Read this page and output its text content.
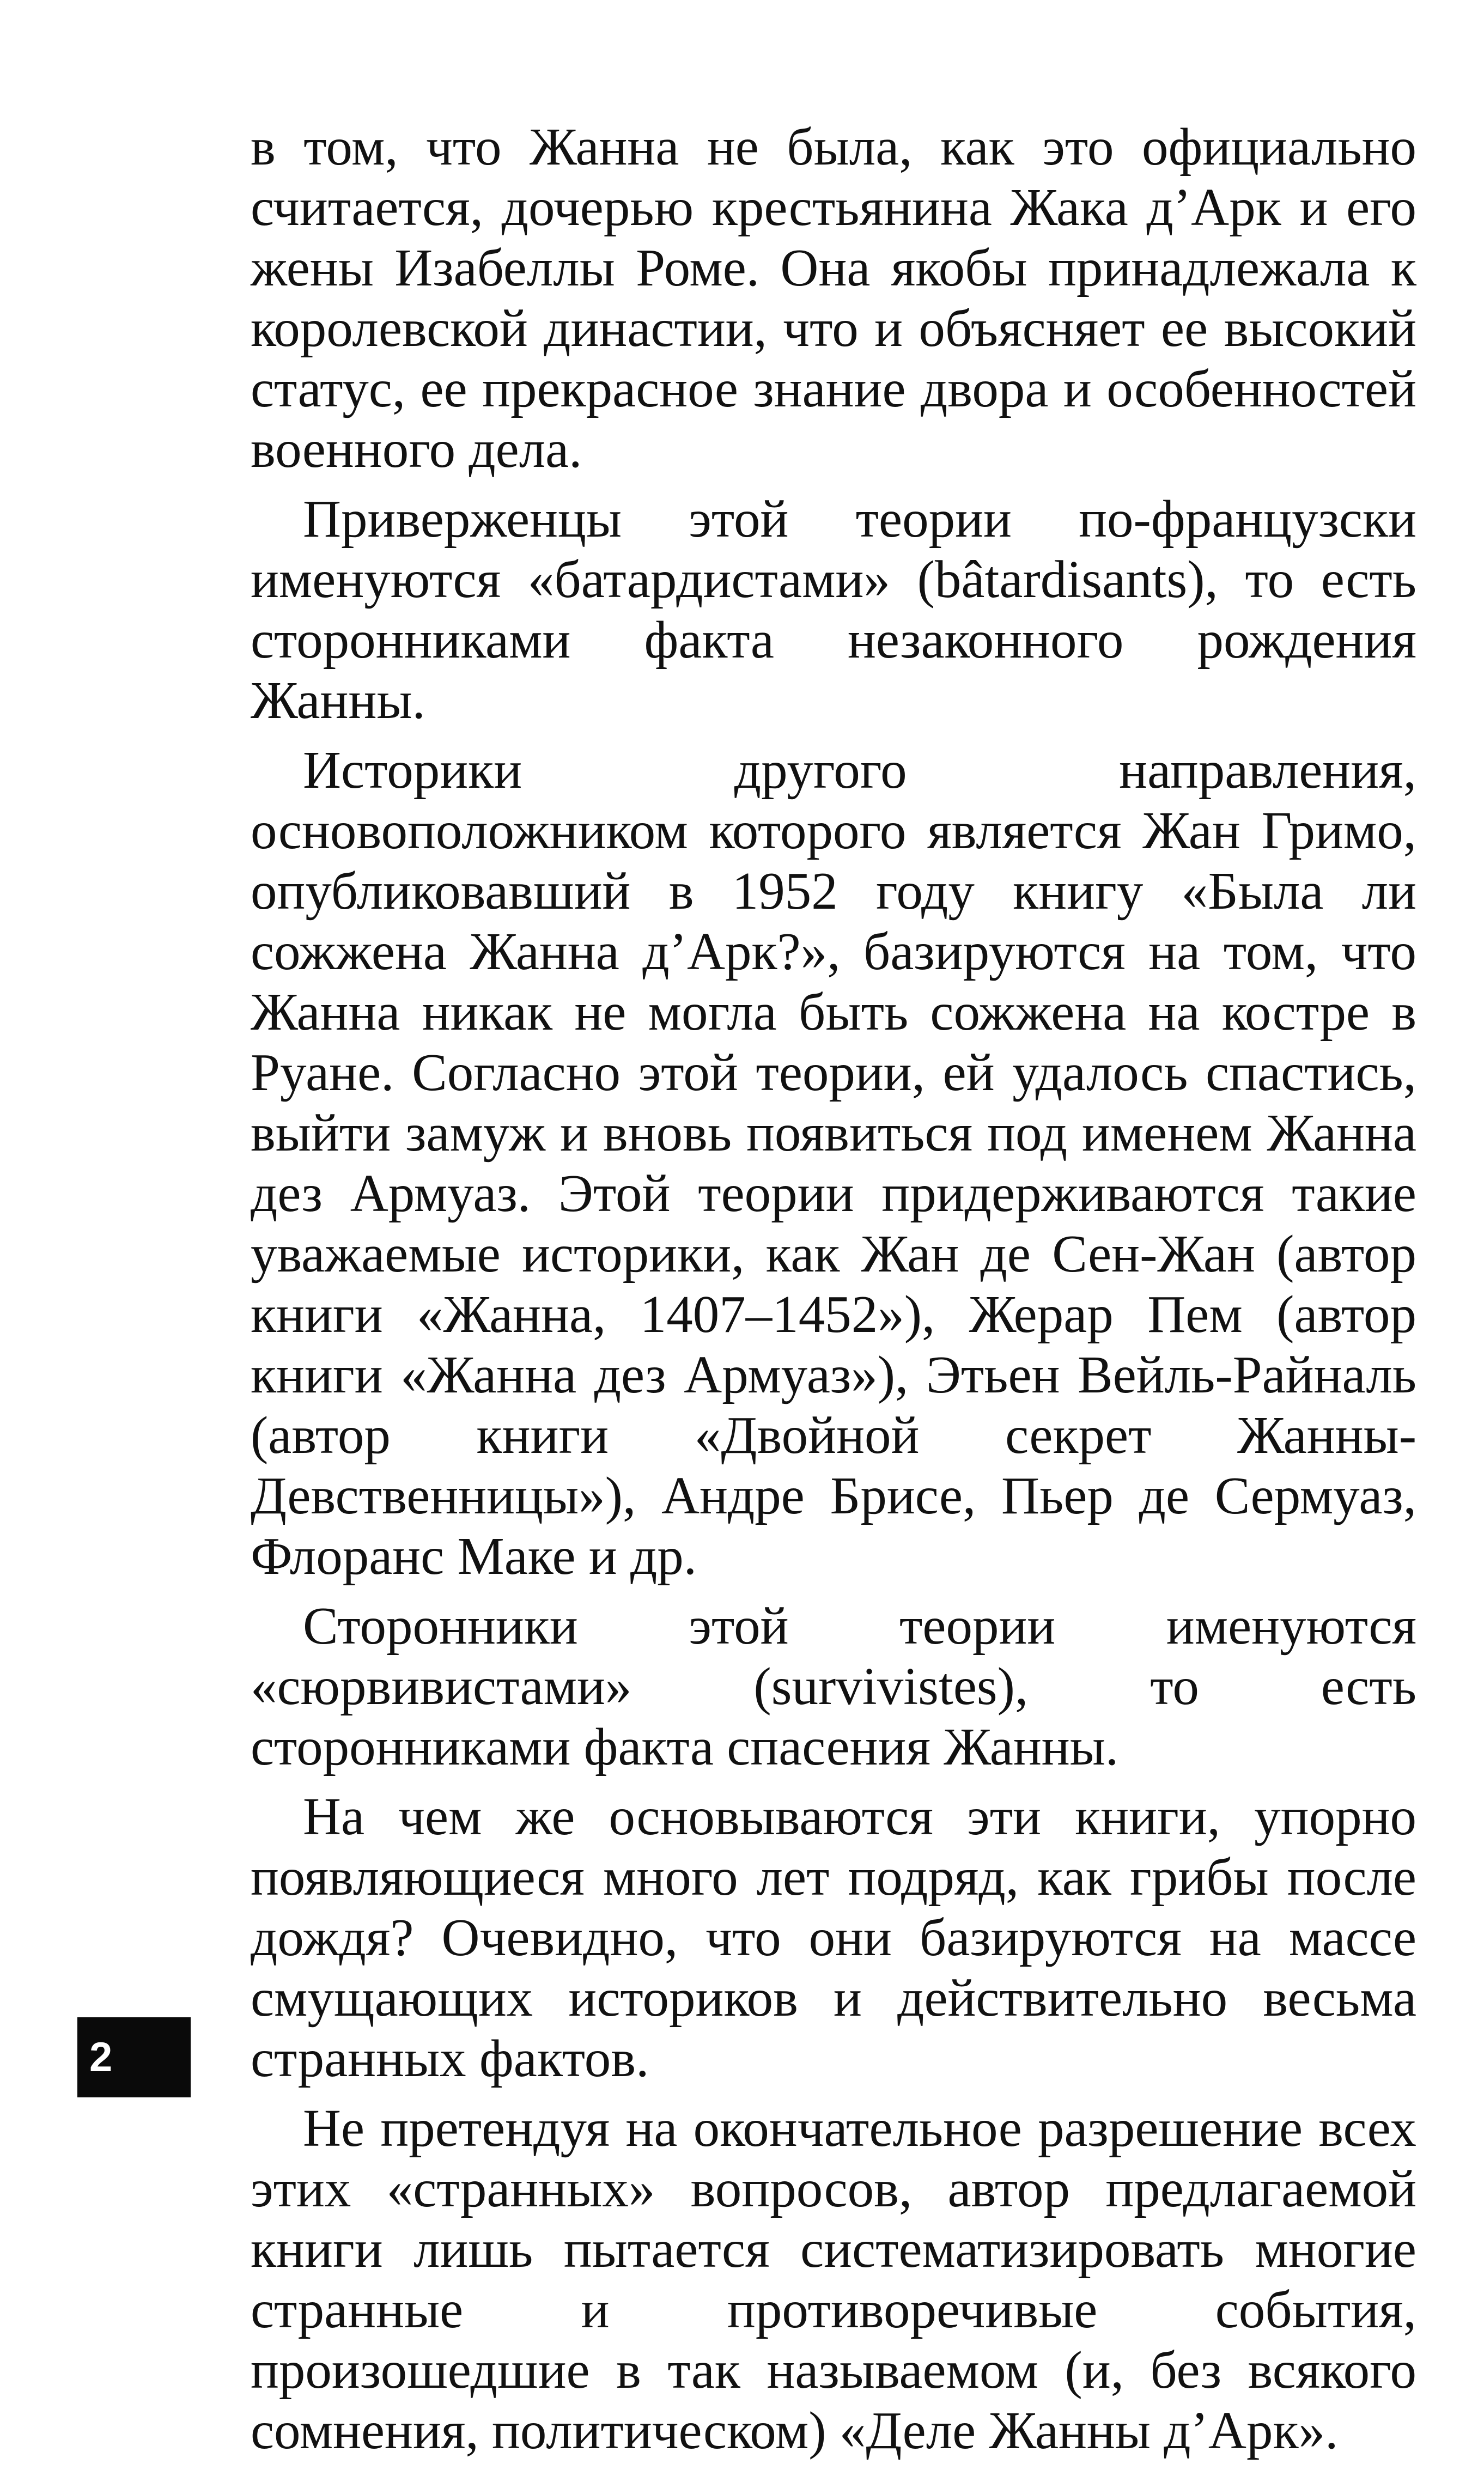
в том, что Жанна не была, как это официально считается, дочерью крестьянина Жака д’Арк и его жены Изабеллы Роме. Она якобы принадлежала к королевской династии, что и объясняет ее высокий статус, ее прекрасное знание двора и особенностей военного дела.

Приверженцы этой теории по-французски именуются «батардистами» (bâtardisants), то есть сторонниками факта незаконного рождения Жанны.

Историки другого направления, основоположником которого является Жан Гримо, опубликовавший в 1952 году книгу «Была ли сожжена Жанна д’Арк?», базируются на том, что Жанна никак не могла быть сожжена на костре в Руане. Согласно этой теории, ей удалось спастись, выйти замуж и вновь появиться под именем Жанна дез Армуаз. Этой теории придерживаются такие уважаемые историки, как Жан де Сен-Жан (автор книги «Жанна, 1407–1452»), Жерар Пем (автор книги «Жанна дез Армуаз»), Этьен Вейль-Райналь (автор книги «Двойной секрет Жанны-Девственницы»), Андре Брисе, Пьер де Сермуаз, Флоранс Маке и др.

Сторонники этой теории именуются «сюрвивистами» (survivistes), то есть сторонниками факта спасения Жанны.

На чем же основываются эти книги, упорно появляющиеся много лет подряд, как грибы после дождя? Очевидно, что они базируются на массе смущающих историков и действительно весьма странных фактов.

Не претендуя на окончательное разрешение всех этих «странных» вопросов, автор предлагаемой книги лишь пытается систематизировать многие странные и противоречивые события, произошедшие в так называемом (и, без всякого сомнения, политическом) «Деле Жанны д’Арк».

2
